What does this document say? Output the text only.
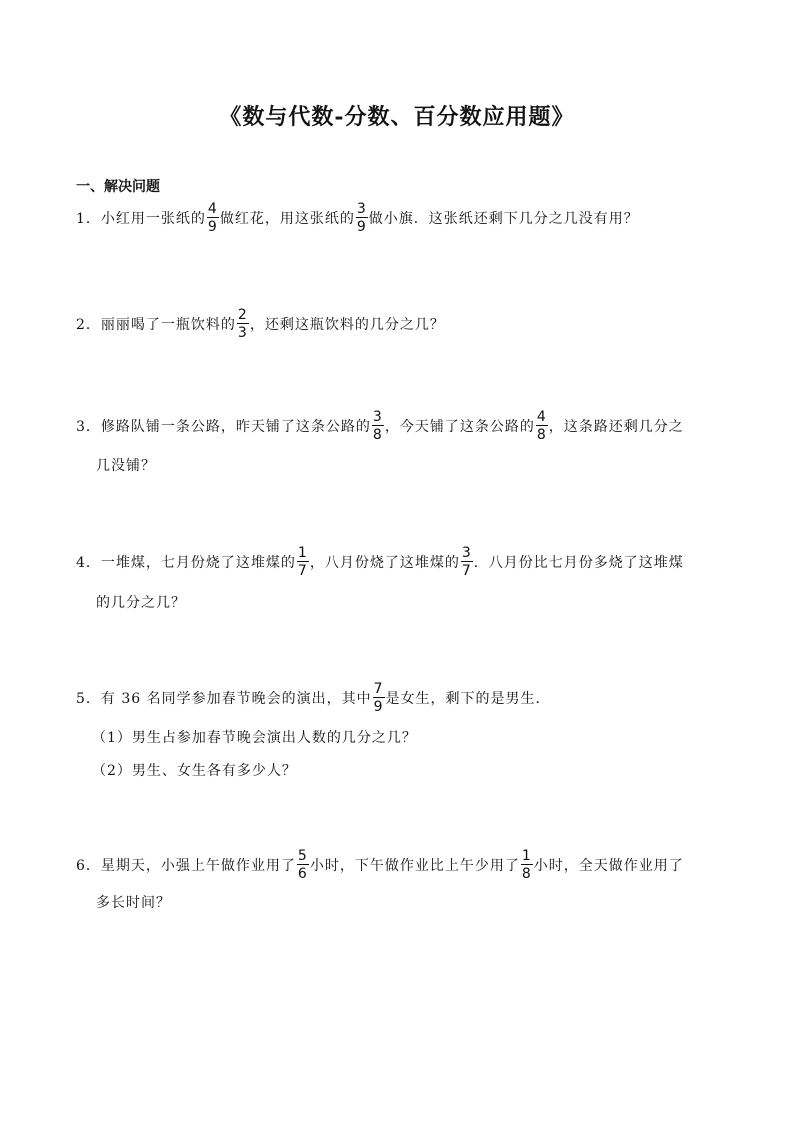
《数与代数-分数、百分数应用题》
一、解决问题
1．小红用一张纸的 $\frac{4}{9}$ 做红花，用这张纸的 $\frac{3}{9}$ 做小旗．这张纸还剩下几分之几没有用？
2．丽丽喝了一瓶饮料的 $\frac{2}{3}$ ，还剩这瓶饮料的几分之几？
3．修路队铺一条公路，昨天铺了这条公路的 $\frac{3}{8}$ ，今天铺了这条公路的 $\frac{4}{8}$ ，这条路还剩几分之
几没铺？
4．一堆煤，七月份烧了这堆煤的 $\frac{1}{7}$ ，八月份烧了这堆煤的 $\frac{3}{7}$ ．八月份比七月份多烧了这堆煤
的几分之几？
5．有 36 名同学参加春节晚会的演出，其中 $\frac{7}{9}$ 是女生，剩下的是男生．
（1）男生占参加春节晚会演出人数的几分之几？
（2）男生、女生各有多少人？
6．星期天，小强上午做作业用了 $\frac{5}{6}$ 小时，下午做作业比上午少用了 $\frac{1}{8}$ 小时，全天做作业用了
多长时间？
